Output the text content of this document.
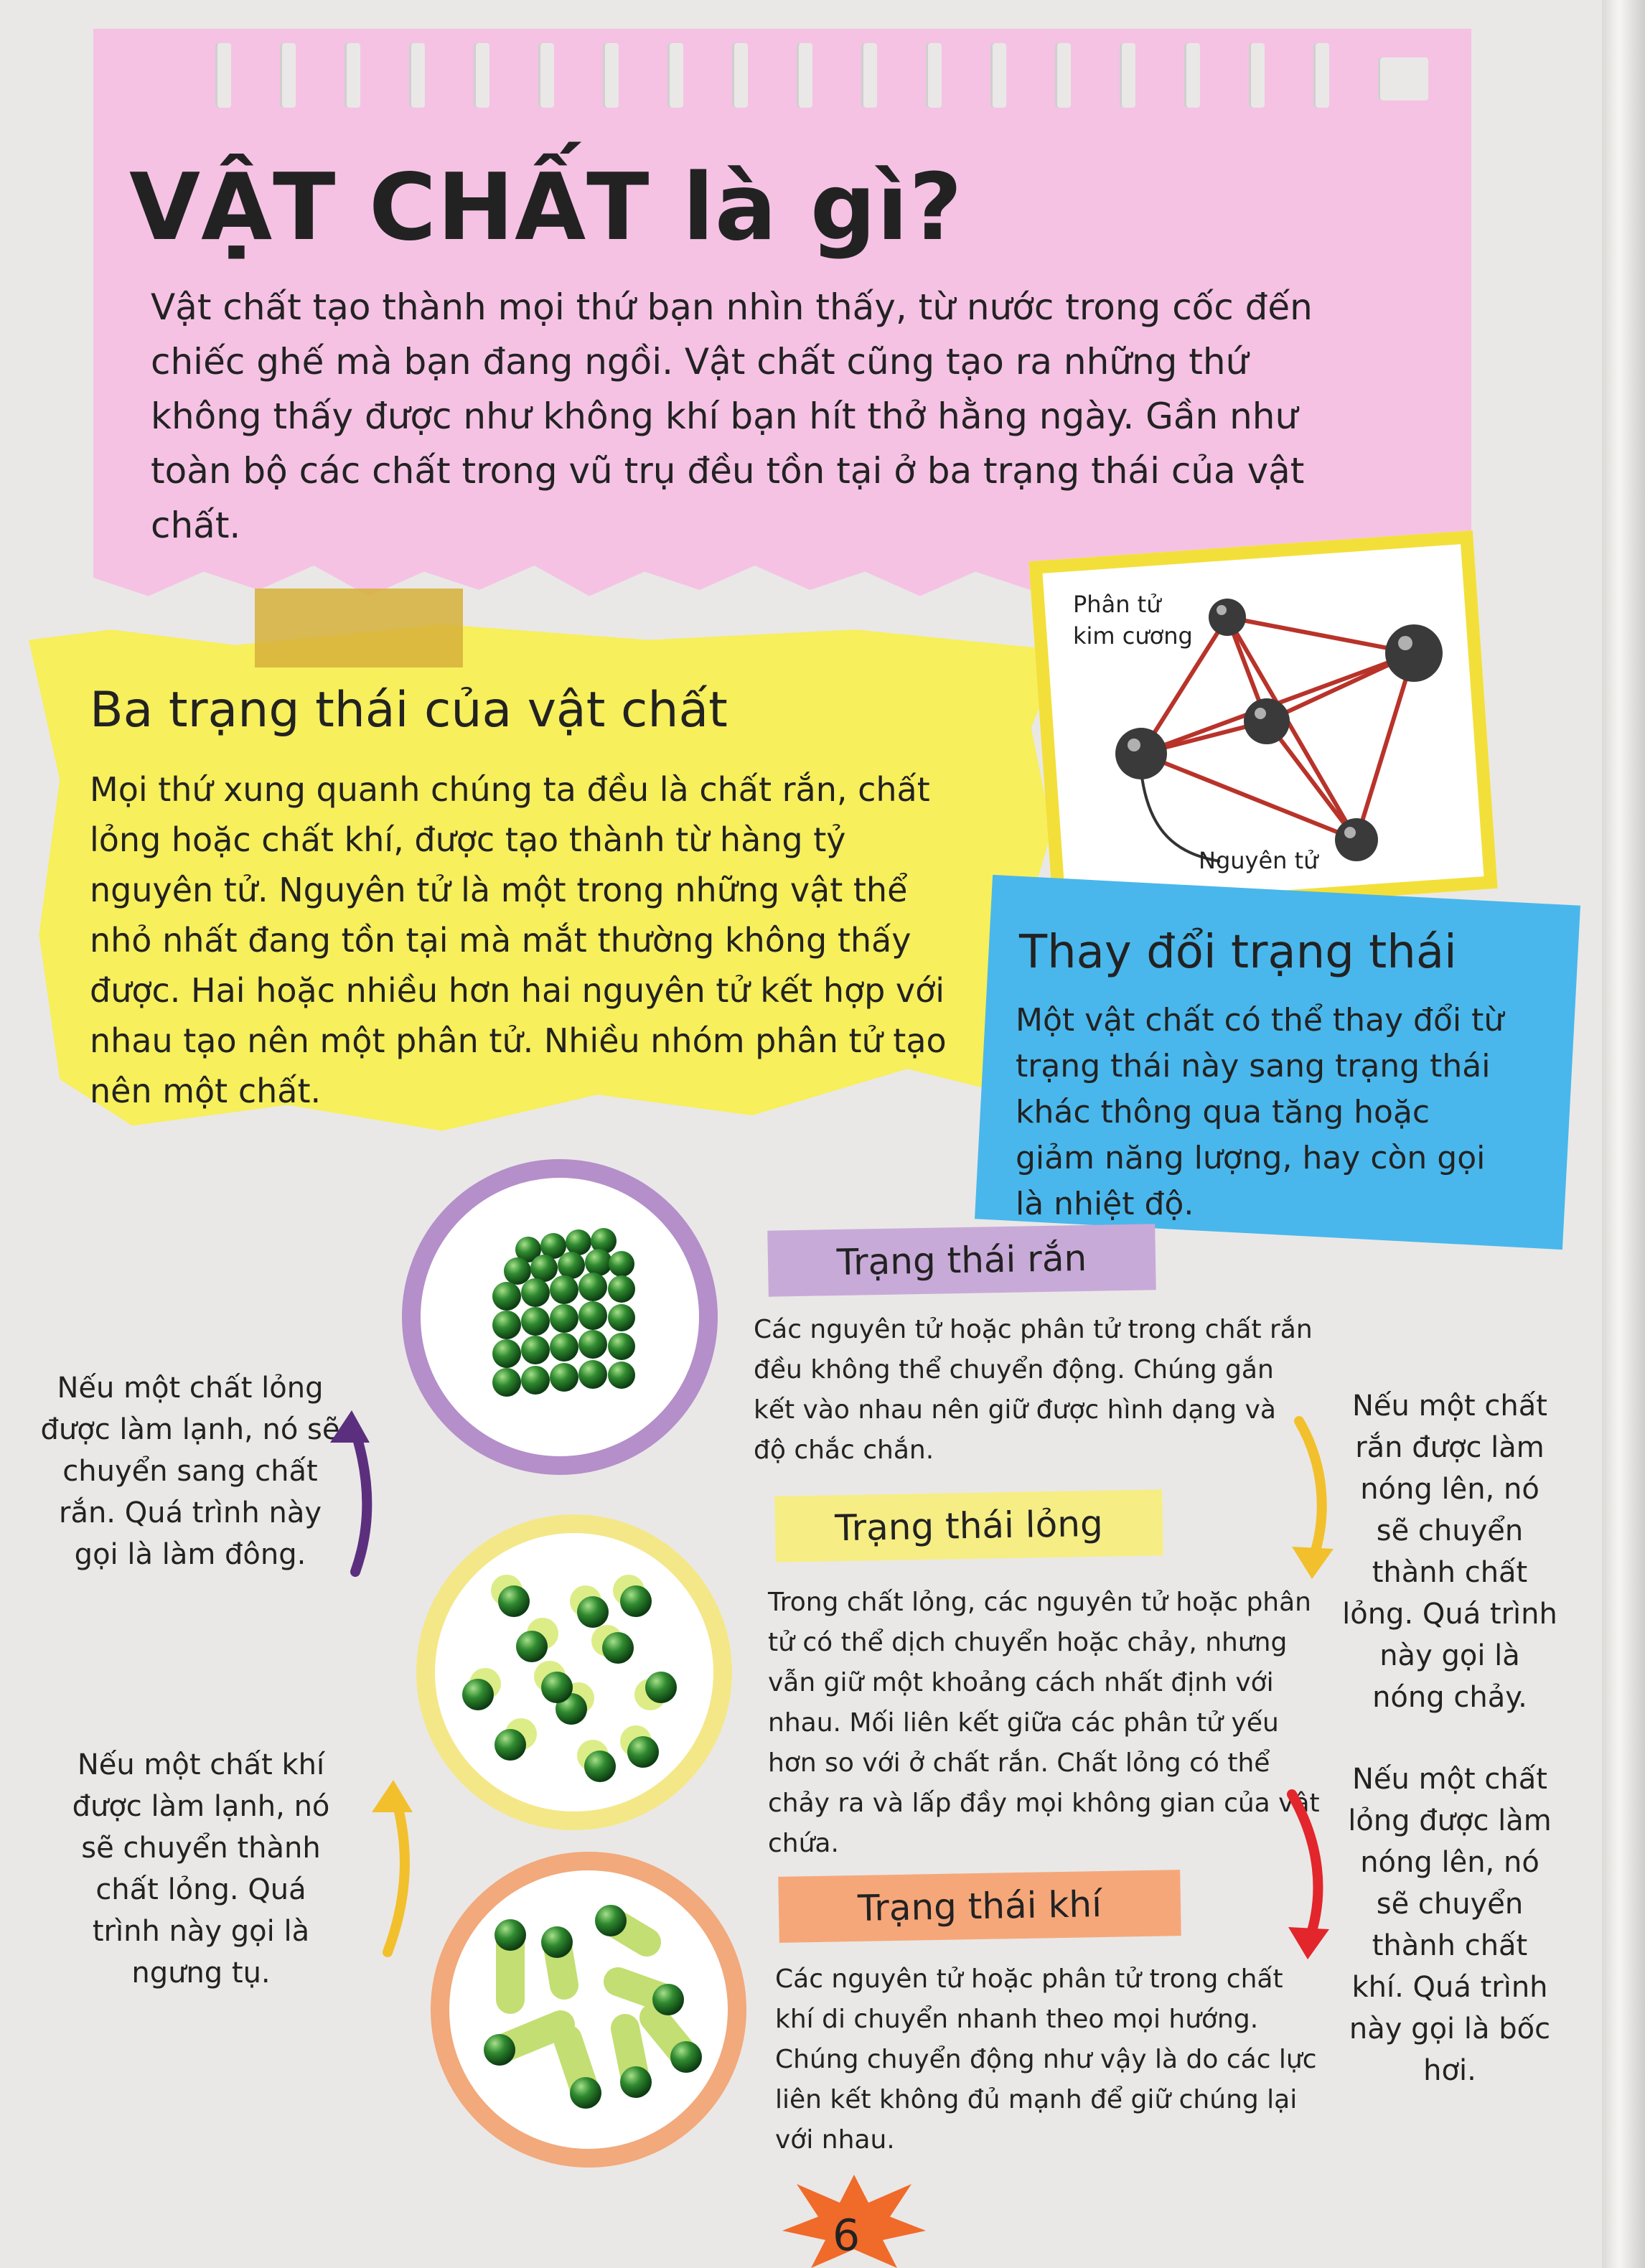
VẬT CHẤT là gì?
Vật chất tạo thành mọi thứ bạn nhìn thấy, từ nước trong cốc đến chiếc ghế mà bạn đang ngồi. Vật chất cũng tạo ra những thứ không thấy được như không khí bạn hít thở hằng ngày. Gần như toàn bộ các chất trong vũ trụ đều tồn tại ở ba trạng thái của vật chất.
Ba trạng thái của vật chất
Mọi thứ xung quanh chúng ta đều là chất rắn, chất lỏng hoặc chất khí, được tạo thành từ hàng tỷ nguyên tử. Nguyên tử là một trong những vật thể nhỏ nhất đang tồn tại mà mắt thường không thấy được. Hai hoặc nhiều hơn hai nguyên tử kết hợp với nhau tạo nên một phân tử. Nhiều nhóm phân tử tạo nên một chất.
Phân tử kim cương
Nguyên tử
Thay đổi trạng thái
Một vật chất có thể thay đổi từ trạng thái này sang trạng thái khác thông qua tăng hoặc giảm năng lượng, hay còn gọi là nhiệt độ.
Trạng thái rắn
Các nguyên tử hoặc phân tử trong chất rắn đều không thể chuyển động. Chúng gắn kết vào nhau nên giữ được hình dạng và độ chắc chắn.
Trạng thái lỏng
Trong chất lỏng, các nguyên tử hoặc phân tử có thể dịch chuyển hoặc chảy, nhưng vẫn giữ một khoảng cách nhất định với nhau. Mối liên kết giữa các phân tử yếu hơn so với ở chất rắn. Chất lỏng có thể chảy ra và lấp đầy mọi không gian của vật chứa.
Trạng thái khí
Các nguyên tử hoặc phân tử trong chất khí di chuyển nhanh theo mọi hướng. Chúng chuyển động như vậy là do các lực liên kết không đủ mạnh để giữ chúng lại với nhau.
Nếu một chất lỏng được làm lạnh, nó sẽ chuyển sang chất rắn. Quá trình này gọi là làm đông.
Nếu một chất khí được làm lạnh, nó sẽ chuyển thành chất lỏng. Quá trình này gọi là ngưng tụ.
Nếu một chất rắn được làm nóng lên, nó sẽ chuyển thành chất lỏng. Quá trình này gọi là nóng chảy.
Nếu một chất lỏng được làm nóng lên, nó sẽ chuyển thành chất khí. Quá trình này gọi là bốc hơi.
6
